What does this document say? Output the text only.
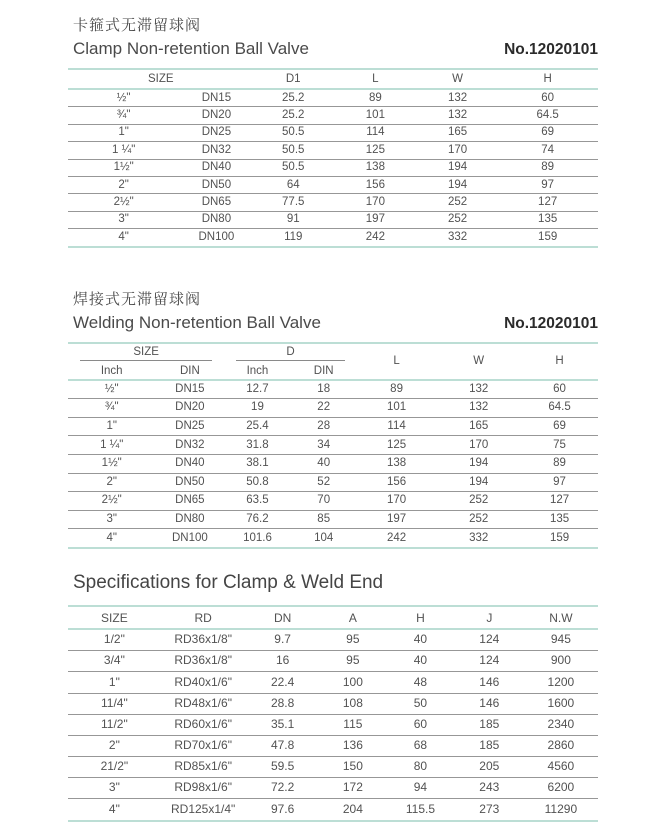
卡箍式无滞留球阀
Clamp Non-retention Ball Valve	No.12020101
SIZE		D1	L	W	H
½"	DN15	25.2	89	132	60
¾"	DN20	25.2	101	132	64.5
1"	DN25	50.5	114	165	69
1 ¼"	DN32	50.5	125	170	74
1½"	DN40	50.5	138	194	89
2"	DN50	64	156	194	97
2½"	DN65	77.5	170	252	127
3"	DN80	91	197	252	135
4"	DN100	119	242	332	159
焊接式无滞留球阀
Welding Non-retention Ball Valve	No.12020101
SIZE		D		L	W	H
Inch	DIN	Inch	DIN			
½"	DN15	12.7	18	89	132	60
¾"	DN20	19	22	101	132	64.5
1"	DN25	25.4	28	114	165	69
1 ¼"	DN32	31.8	34	125	170	75
1½"	DN40	38.1	40	138	194	89
2"	DN50	50.8	52	156	194	97
2½"	DN65	63.5	70	170	252	127
3"	DN80	76.2	85	197	252	135
4"	DN100	101.6	104	242	332	159
Specifications for Clamp & Weld End
SIZE	RD	DN	A	H	J	N.W
1/2"	RD36x1/8"	9.7	95	40	124	945
3/4"	RD36x1/8"	16	95	40	124	900
1"	RD40x1/6"	22.4	100	48	146	1200
11/4"	RD48x1/6"	28.8	108	50	146	1600
11/2"	RD60x1/6"	35.1	115	60	185	2340
2"	RD70x1/6"	47.8	136	68	185	2860
21/2"	RD85x1/6"	59.5	150	80	205	4560
3"	RD98x1/6"	72.2	172	94	243	6200
4"	RD125x1/4"	97.6	204	115.5	273	11290
